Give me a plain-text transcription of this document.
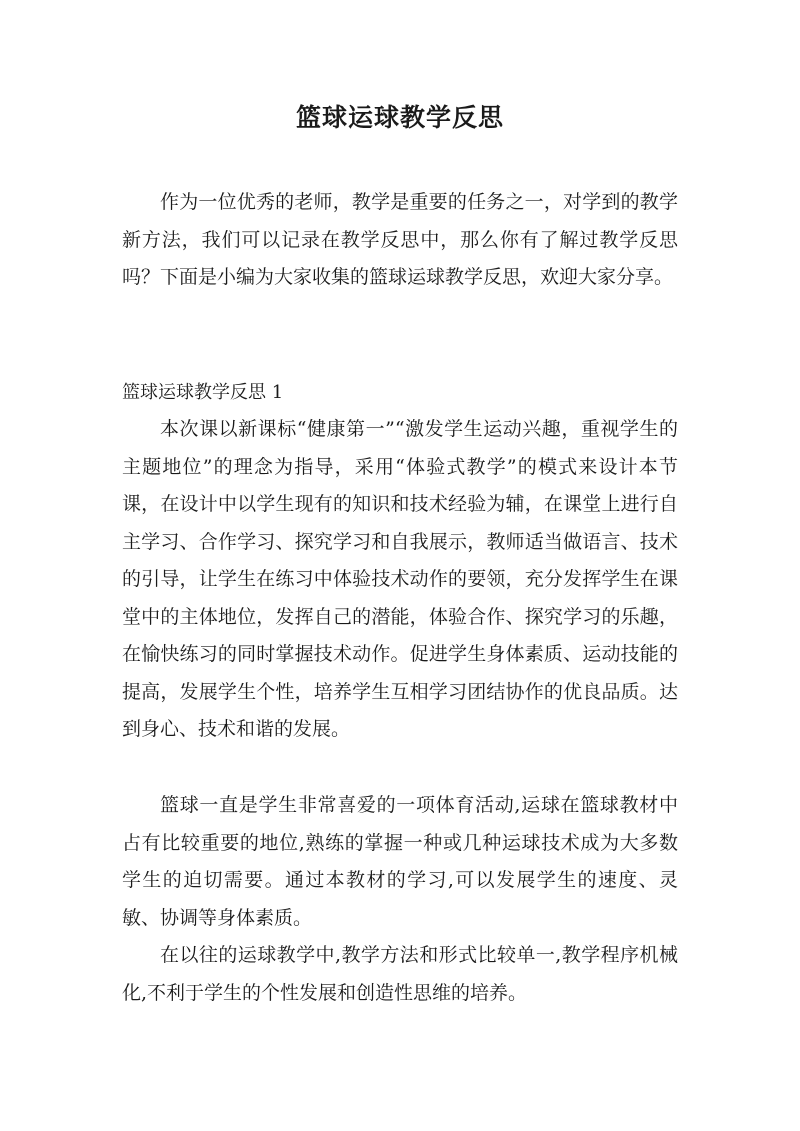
篮球运球教学反思

作为一位优秀的老师，教学是重要的任务之一，对学到的教学新方法，我们可以记录在教学反思中，那么你有了解过教学反思吗？下面是小编为大家收集的篮球运球教学反思，欢迎大家分享。

篮球运球教学反思 1

本次课以新课标“健康第一”“激发学生运动兴趣，重视学生的主题地位”的理念为指导，采用“体验式教学”的模式来设计本节课，在设计中以学生现有的知识和技术经验为辅，在课堂上进行自主学习、合作学习、探究学习和自我展示，教师适当做语言、技术的引导，让学生在练习中体验技术动作的要领，充分发挥学生在课堂中的主体地位，发挥自己的潜能，体验合作、探究学习的乐趣，在愉快练习的同时掌握技术动作。促进学生身体素质、运动技能的提高，发展学生个性，培养学生互相学习团结协作的优良品质。达到身心、技术和谐的发展。

篮球一直是学生非常喜爱的一项体育活动,运球在篮球教材中占有比较重要的地位,熟练的掌握一种或几种运球技术成为大多数学生的迫切需要。通过本教材的学习,可以发展学生的速度、灵敏、协调等身体素质。

在以往的运球教学中,教学方法和形式比较单一,教学程序机械化,不利于学生的个性发展和创造性思维的培养。
